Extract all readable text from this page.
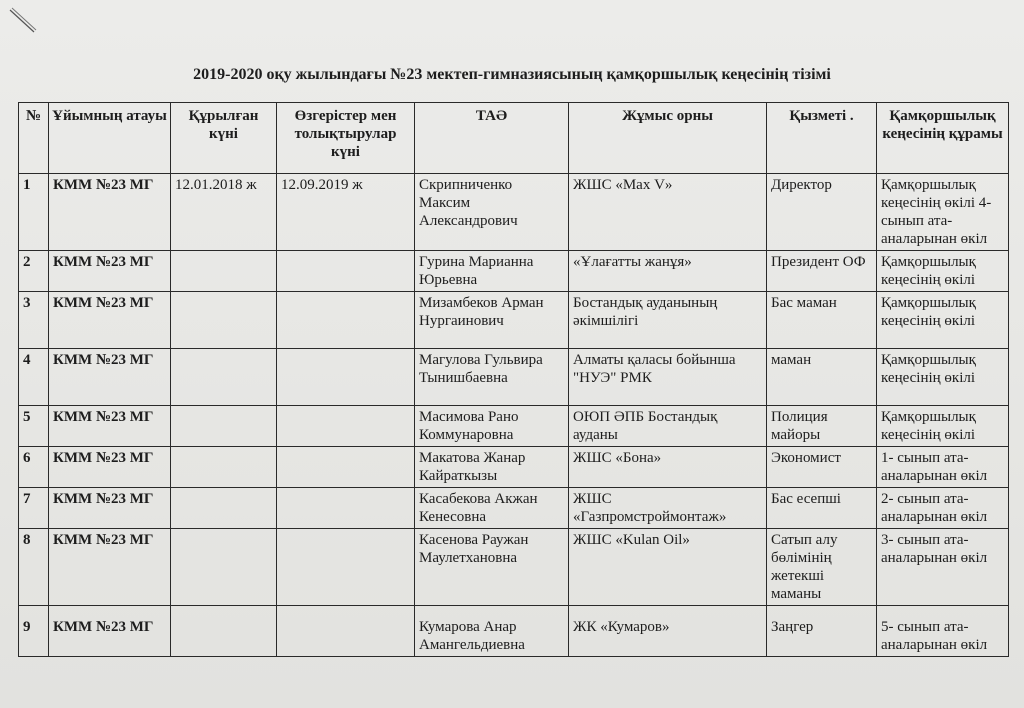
2019-2020 оқу жылындағы №23 мектеп-гимназиясының қамқоршылық кеңесінің тізімі
№	Ұйымның атауы	Құрылған күні	Өзгерістер мен толықтырулар күні	ТАӘ	Жұмыс орны	Қызметі .	Қамқоршылық кеңесінің құрамы
1	КММ №23 МГ	12.01.2018 ж	12.09.2019 ж	Скрипниченко Максим Александрович	ЖШС «Мах V»	Директор	Қамқоршылық кеңесінің өкілі 4- сынып ата-аналарынан өкіл
2	КММ №23 МГ			Гурина Марианна Юрьевна	«Ұлағатты жанұя»	Президент ОФ	Қамқоршылық кеңесінің өкілі
3	КММ №23 МГ			Мизамбеков Арман Нургаинович	Бостандық ауданының әкімшілігі	Бас маман	Қамқоршылық кеңесінің өкілі
4	КММ №23 МГ			Магулова Гульвира Тынишбаевна	Алматы қаласы бойынша "НУЭ" РМК	маман	Қамқоршылық кеңесінің өкілі
5	КММ №23 МГ			Масимова Рано Коммунаровна	ОЮП ӘПБ Бостандық ауданы	Полиция майоры	Қамқоршылық кеңесінің өкілі
6	КММ №23 МГ			Макатова Жанар Кайраткызы	ЖШС «Бона»	Экономист	1- сынып ата-аналарынан өкіл
7	КММ №23 МГ			Касабекова Акжан Кенесовна	ЖШС «Газпромстроймонтаж»	Бас есепші	2- сынып ата-аналарынан өкіл
8	КММ №23 МГ			Касенова Раужан Маулетхановна	ЖШС «Kulan Oil»	Сатып алу бөлімінің жетекші маманы	3- сынып ата-аналарынан өкіл
9	КММ №23 МГ			Кумарова Анар Амангельдиевна	ЖК «Кумаров»	Заңгер	5- сынып ата-аналарынан өкіл
